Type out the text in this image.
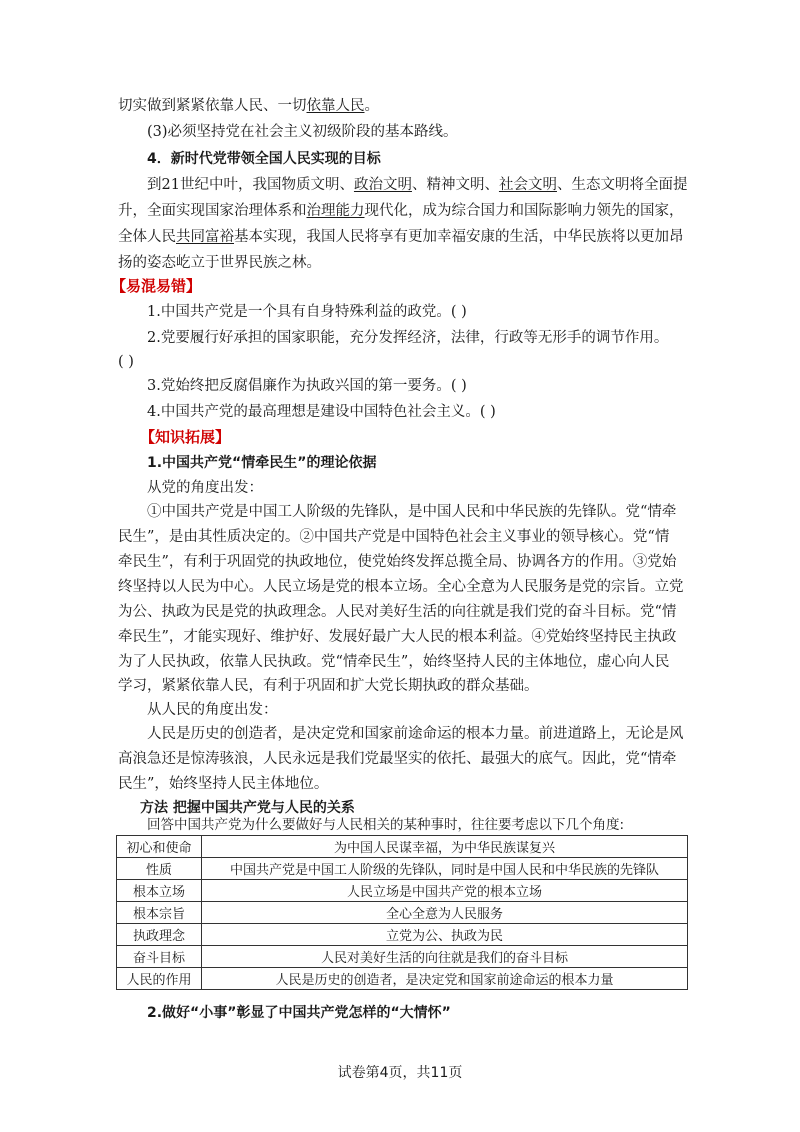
切实做到紧紧依靠人民、一切依靠人民。
(3)必须坚持党在社会主义初级阶段的基本路线。
4．新时代党带领全国人民实现的目标
到21世纪中叶，我国物质文明、政治文明、精神文明、社会文明、生态文明将全面提
升，全面实现国家治理体系和治理能力现代化，成为综合国力和国际影响力领先的国家，
全体人民共同富裕基本实现，我国人民将享有更加幸福安康的生活，中华民族将以更加昂
扬的姿态屹立于世界民族之林。
【易混易错】
1.中国共产党是一个具有自身特殊利益的政党。( )
2.党要履行好承担的国家职能，充分发挥经济，法律，行政等无形手的调节作用。
( )
3.党始终把反腐倡廉作为执政兴国的第一要务。( )
4.中国共产党的最高理想是建设中国特色社会主义。( )
【知识拓展】
1.中国共产党“情牵民生”的理论依据
从党的角度出发：
①中国共产党是中国工人阶级的先锋队，是中国人民和中华民族的先锋队。党“情牵
民生”，是由其性质决定的。②中国共产党是中国特色社会主义事业的领导核心。党“情
牵民生”，有利于巩固党的执政地位，使党始终发挥总揽全局、协调各方的作用。③党始
终坚持以人民为中心。人民立场是党的根本立场。全心全意为人民服务是党的宗旨。立党
为公、执政为民是党的执政理念。人民对美好生活的向往就是我们党的奋斗目标。党“情
牵民生”，才能实现好、维护好、发展好最广大人民的根本利益。④党始终坚持民主执政
为了人民执政，依靠人民执政。党“情牵民生”，始终坚持人民的主体地位，虚心向人民
学习，紧紧依靠人民，有利于巩固和扩大党长期执政的群众基础。
从人民的角度出发：
人民是历史的创造者，是决定党和国家前途命运的根本力量。前进道路上，无论是风
高浪急还是惊涛骇浪，人民永远是我们党最坚实的依托、最强大的底气。因此，党“情牵
民生”，始终坚持人民主体地位。
方法 把握中国共产党与人民的关系
回答中国共产党为什么要做好与人民相关的某种事时，往往要考虑以下几个角度:
初心和使命	为中国人民谋幸福，为中华民族谋复兴
性质	中国共产党是中国工人阶级的先锋队，同时是中国人民和中华民族的先锋队
根本立场	人民立场是中国共产党的根本立场
根本宗旨	全心全意为人民服务
执政理念	立党为公、执政为民
奋斗目标	人民对美好生活的向往就是我们的奋斗目标
人民的作用	人民是历史的创造者，是决定党和国家前途命运的根本力量
2.做好“小事”彰显了中国共产党怎样的“大情怀”
试卷第4页，共11页
